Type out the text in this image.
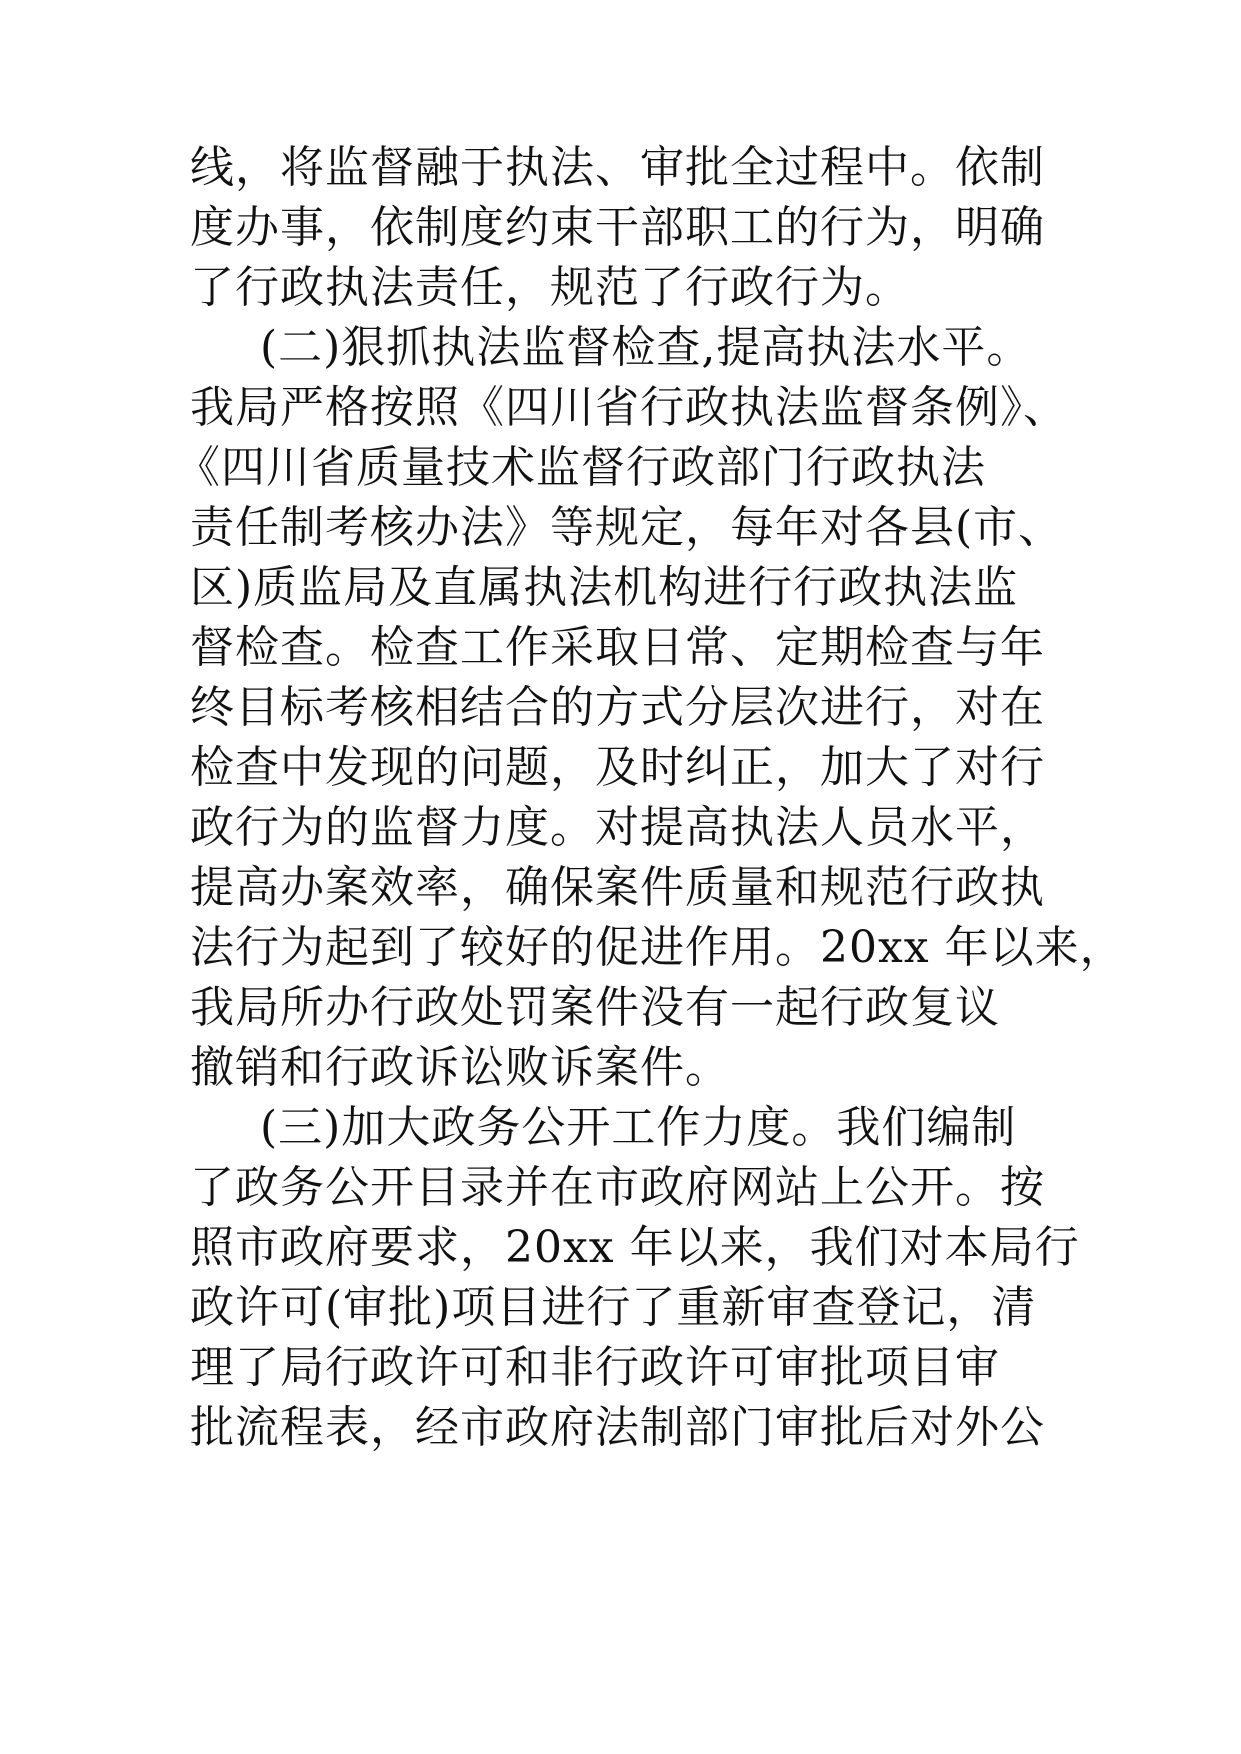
线，将监督融于执法、审批全过程中。依制
度办事，依制度约束干部职工的行为，明确
了行政执法责任，规范了行政行为。
(二)狠抓执法监督检查,提高执法水平。
我局严格按照《四川省行政执法监督条例》、
《四川省质量技术监督行政部门行政执法
责任制考核办法》等规定，每年对各县(市、
区)质监局及直属执法机构进行行政执法监
督检查。检查工作采取日常、定期检查与年
终目标考核相结合的方式分层次进行，对在
检查中发现的问题，及时纠正，加大了对行
政行为的监督力度。对提高执法人员水平，
提高办案效率，确保案件质量和规范行政执
法行为起到了较好的促进作用。20xx 年以来，
我局所办行政处罚案件没有一起行政复议
撤销和行政诉讼败诉案件。
(三)加大政务公开工作力度。我们编制
了政务公开目录并在市政府网站上公开。按
照市政府要求，20xx 年以来，我们对本局行
政许可(审批)项目进行了重新审查登记，清
理了局行政许可和非行政许可审批项目审
批流程表，经市政府法制部门审批后对外公
